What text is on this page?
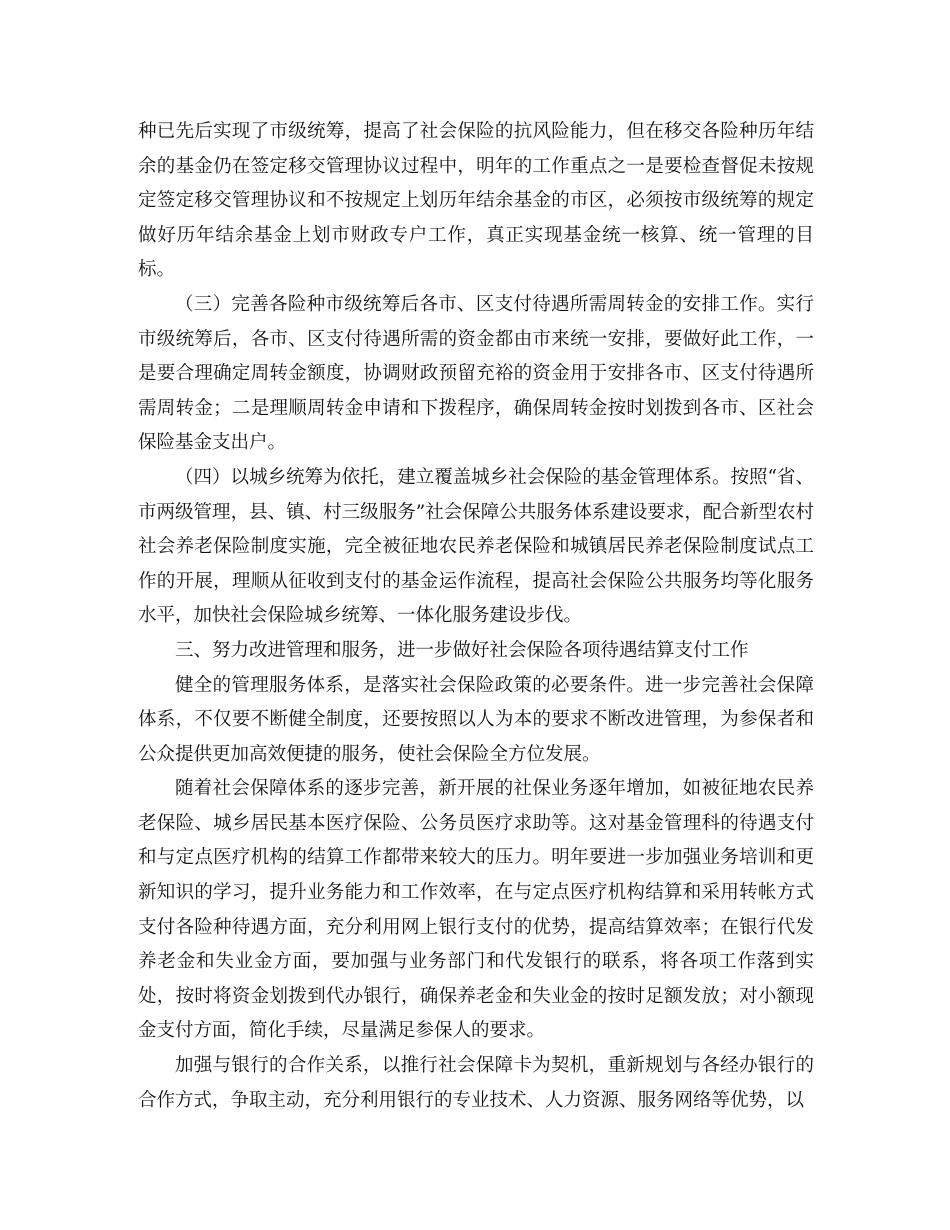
种已先后实现了市级统筹，提高了社会保险的抗风险能力，但在移交各险种历年结余的基金仍在签定移交管理协议过程中，明年的工作重点之一是要检查督促未按规定签定移交管理协议和不按规定上划历年结余基金的市区，必须按市级统筹的规定做好历年结余基金上划市财政专户工作，真正实现基金统一核算、统一管理的目标。

（三）完善各险种市级统筹后各市、区支付待遇所需周转金的安排工作。实行市级统筹后，各市、区支付待遇所需的资金都由市来统一安排，要做好此工作，一是要合理确定周转金额度，协调财政预留充裕的资金用于安排各市、区支付待遇所需周转金；二是理顺周转金申请和下拨程序，确保周转金按时划拨到各市、区社会保险基金支出户。

（四）以城乡统筹为依托，建立覆盖城乡社会保险的基金管理体系。按照“省、市两级管理，县、镇、村三级服务”社会保障公共服务体系建设要求，配合新型农村社会养老保险制度实施，完全被征地农民养老保险和城镇居民养老保险制度试点工作的开展，理顺从征收到支付的基金运作流程，提高社会保险公共服务均等化服务水平，加快社会保险城乡统筹、一体化服务建设步伐。

三、努力改进管理和服务，进一步做好社会保险各项待遇结算支付工作

健全的管理服务体系，是落实社会保险政策的必要条件。进一步完善社会保障体系，不仅要不断健全制度，还要按照以人为本的要求不断改进管理，为参保者和公众提供更加高效便捷的服务，使社会保险全方位发展。

随着社会保障体系的逐步完善，新开展的社保业务逐年增加，如被征地农民养老保险、城乡居民基本医疗保险、公务员医疗求助等。这对基金管理科的待遇支付和与定点医疗机构的结算工作都带来较大的压力。明年要进一步加强业务培训和更新知识的学习，提升业务能力和工作效率，在与定点医疗机构结算和采用转帐方式支付各险种待遇方面，充分利用网上银行支付的优势，提高结算效率；在银行代发养老金和失业金方面，要加强与业务部门和代发银行的联系，将各项工作落到实处，按时将资金划拨到代办银行，确保养老金和失业金的按时足额发放；对小额现金支付方面，简化手续，尽量满足参保人的要求。

加强与银行的合作关系，以推行社会保障卡为契机，重新规划与各经办银行的合作方式，争取主动，充分利用银行的专业技术、人力资源、服务网络等优势，以
